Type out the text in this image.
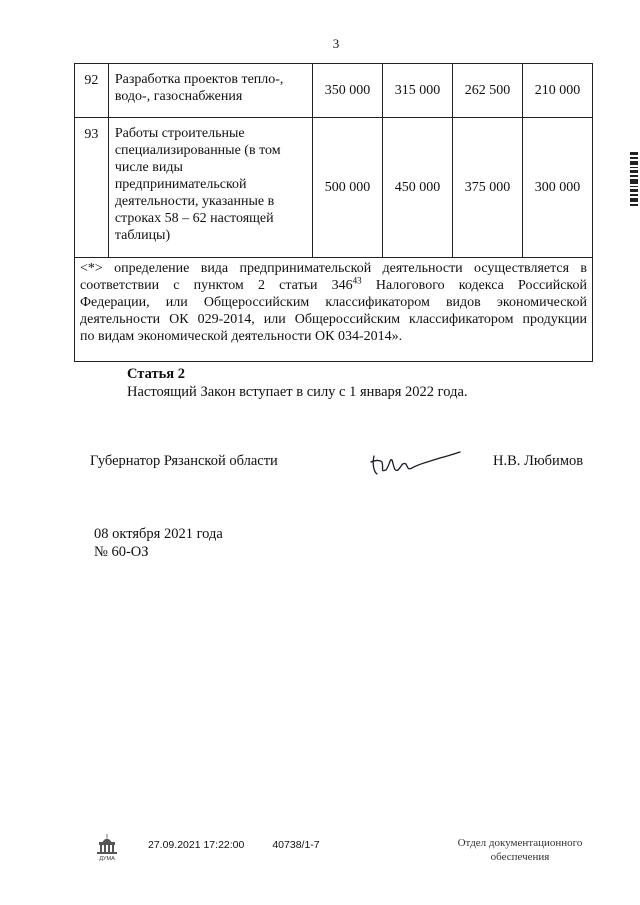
3
92	Разработка проектов тепло-, водо-, газоснабжения	350 000	315 000	262 500	210 000
93	Работы строительные специализированные (в том числе виды предпринимательской деятельности, указанные в строках 58 – 62 настоящей таблицы)	500 000	450 000	375 000	300 000

<*> определение вида предпринимательской деятельности осуществляется в
соответствии с пунктом 2 статьи $346^{43}$ Налогового кодекса Российской
Федерации, или Общероссийским классификатором видов экономической
деятельности ОК 029-2014, или Общероссийским классификатором продукции
по видам экономической деятельности ОК 034-2014».					
Статья 2
Настоящий Закон вступает в силу с 1 января 2022 года.
Губернатор Рязанской области	Н.В. Любимов
08 октября 2021 года
№ 60-ОЗ
ДУМА
27.09.2021 17:22:00	40738/1-7	Отдел документационного
обеспечения
